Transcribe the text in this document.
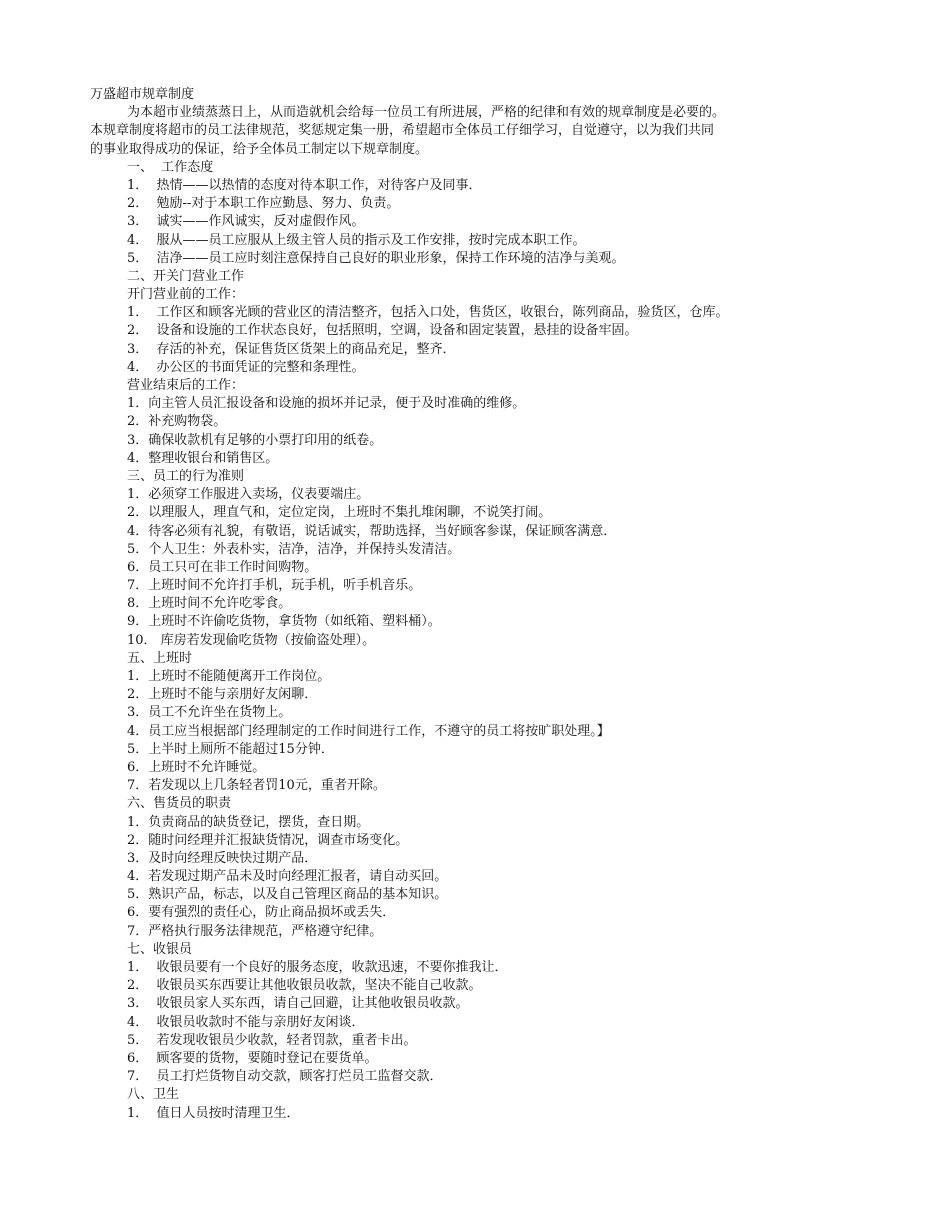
万盛超市规章制度
为本超市业绩蒸蒸日上，从而造就机会给每一位员工有所进展，严格的纪律和有效的规章制度是必要的。
本规章制度将超市的员工法律规范，奖惩规定集一册，希望超市全体员工仔细学习，自觉遵守，以为我们共同
的事业取得成功的保证，给予全体员工制定以下规章制度。
一、  工作态度
1．  热情——以热情的态度对待本职工作，对待客户及同事．
2．  勉励--对于本职工作应勤恳、努力、负责。
3．  诚实——作风诚实，反对虚假作风。
4．  服从——员工应服从上级主管人员的指示及工作安排，按时完成本职工作。
5．  洁净——员工应时刻注意保持自己良好的职业形象，保持工作环境的洁净与美观。
二、开关门营业工作
开门营业前的工作：
1．  工作区和顾客光顾的营业区的清洁整齐，包括入口处，售货区，收银台，陈列商品，验货区，仓库。
2．  设备和设施的工作状态良好，包括照明，空调，设备和固定装置，悬挂的设备牢固。
3．  存活的补充，保证售货区货架上的商品充足，整齐．
4．  办公区的书面凭证的完整和条理性。
营业结束后的工作：
1．向主管人员汇报设备和设施的损坏并记录，便于及时准确的维修。
2．补充购物袋。
3．确保收款机有足够的小票打印用的纸卷。
4．整理收银台和销售区。
三、员工的行为准则
1．必须穿工作服进入卖场，仪表要端庄。
2．以理服人，理直气和，定位定岗，上班时不集扎堆闲聊，不说笑打闹。
4．待客必须有礼貌，有敬语，说话诚实，帮助选择，当好顾客参谋，保证顾客满意．
5．个人卫生：外表朴实，洁净，洁净，并保持头发清洁。
6．员工只可在非工作时间购物。
7．上班时间不允许打手机，玩手机，听手机音乐。
8．上班时间不允许吃零食。
9．上班时不许偷吃货物，拿货物（如纸箱、塑料桶）。
10． 库房若发现偷吃货物（按偷盗处理）。
五、上班时
1．上班时不能随便离开工作岗位。
2．上班时不能与亲朋好友闲聊．
3．员工不允许坐在货物上。
4．员工应当根据部门经理制定的工作时间进行工作，不遵守的员工将按旷职处理。】
5．上半时上厕所不能超过15分钟．
6．上班时不允许睡觉。
7．若发现以上几条轻者罚10元，重者开除。
六、售货员的职责
1．负责商品的缺货登记，摆货，查日期。
2．随时问经理并汇报缺货情况，调查市场变化。
3．及时向经理反映快过期产品．
4．若发现过期产品未及时向经理汇报者，请自动买回。
5．熟识产品，标志，以及自己管理区商品的基本知识。
6．要有强烈的责任心，防止商品损坏或丢失．
7．严格执行服务法律规范，严格遵守纪律。
七、收银员
1．  收银员要有一个良好的服务态度，收款迅速，不要你推我让．
2．  收银员买东西要让其他收银员收款，坚决不能自己收款。
3．  收银员家人买东西，请自己回避，让其他收银员收款。
4．  收银员收款时不能与亲朋好友闲谈．
5．  若发现收银员少收款，轻者罚款，重者卡出。
6．  顾客要的货物，要随时登记在要货单。
7．  员工打烂货物自动交款，顾客打烂员工监督交款．
八、卫生
1．  值日人员按时清理卫生．
